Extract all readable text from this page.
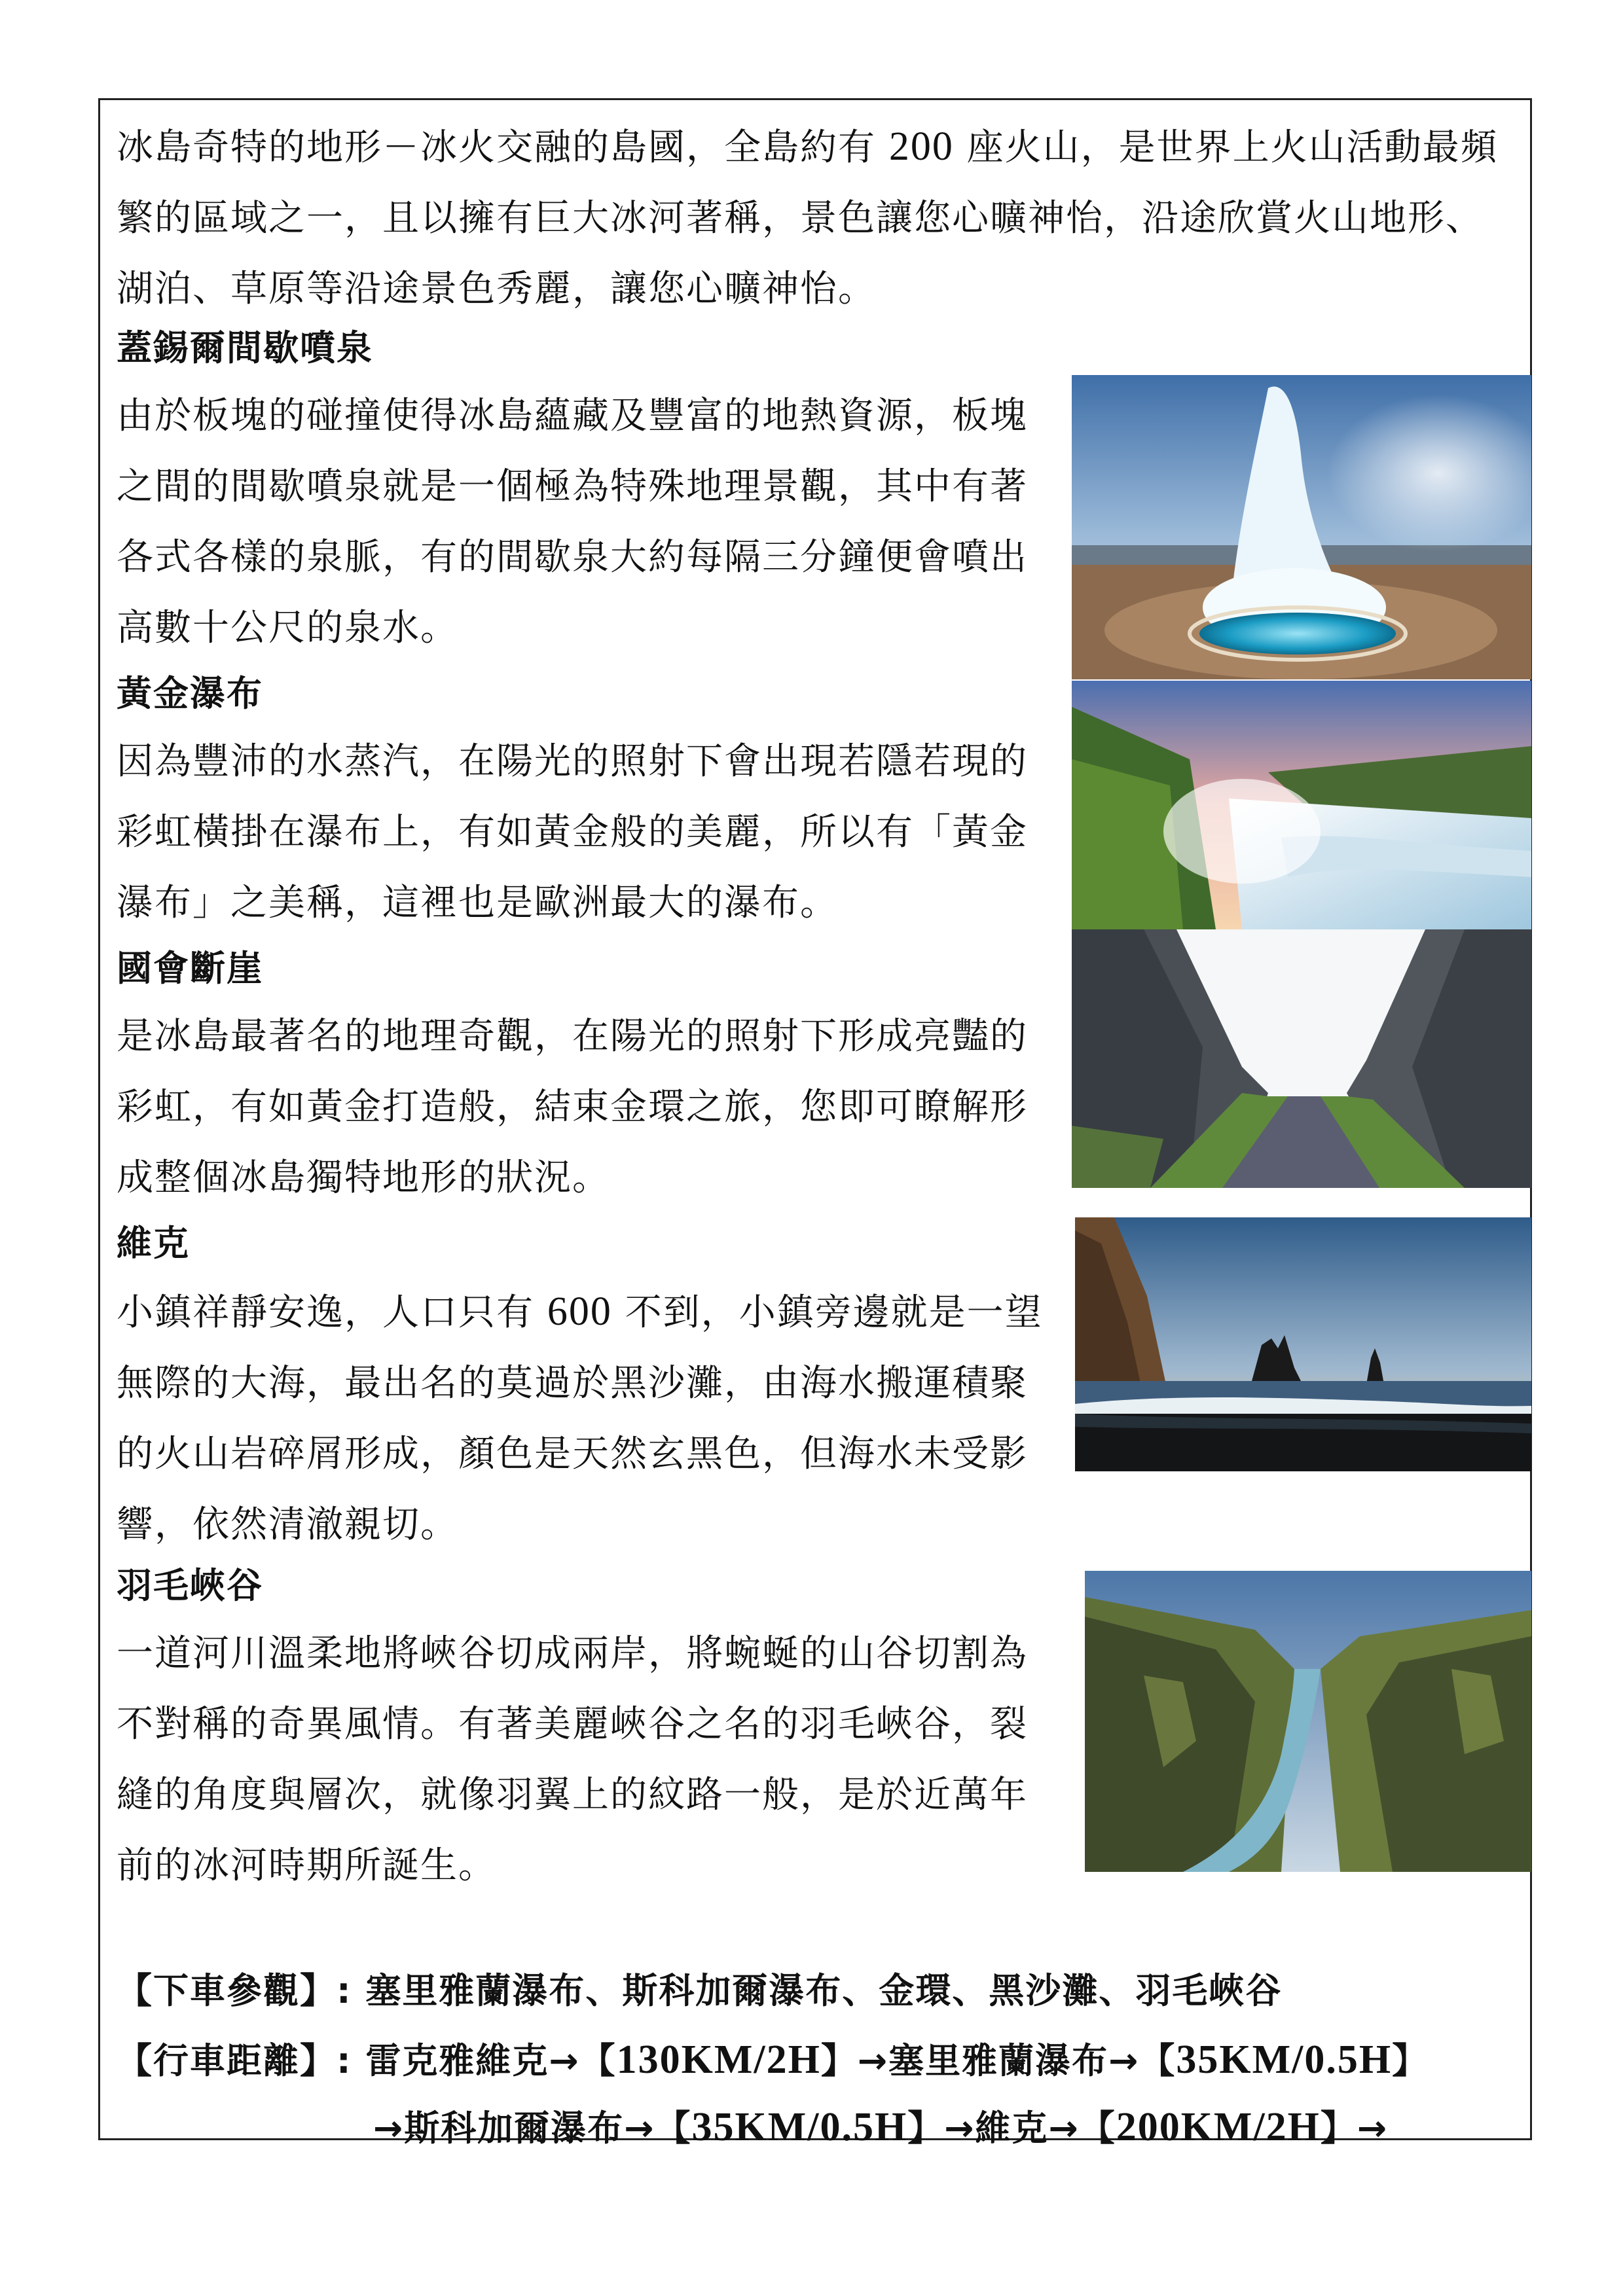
冰島奇特的地形－冰火交融的島國，全島約有 200 座火山，是世界上火山活動最頻

繁的區域之一，且以擁有巨大冰河著稱，景色讓您心曠神怡，沿途欣賞火山地形、

湖泊、草原等沿途景色秀麗，讓您心曠神怡。

蓋錫爾間歇噴泉

由於板塊的碰撞使得冰島蘊藏及豐富的地熱資源，板塊

之間的間歇噴泉就是一個極為特殊地理景觀，其中有著

各式各樣的泉脈，有的間歇泉大約每隔三分鐘便會噴出

高數十公尺的泉水。

黃金瀑布

因為豐沛的水蒸汽，在陽光的照射下會出現若隱若現的

彩虹橫掛在瀑布上，有如黃金般的美麗，所以有「黃金

瀑布」之美稱，這裡也是歐洲最大的瀑布。

國會斷崖

是冰島最著名的地理奇觀，在陽光的照射下形成亮豔的

彩虹，有如黃金打造般，結束金環之旅，您即可瞭解形

成整個冰島獨特地形的狀況。

維克

小鎮祥靜安逸，人口只有 600 不到，小鎮旁邊就是一望

無際的大海，最出名的莫過於黑沙灘，由海水搬運積聚

的火山岩碎屑形成，顏色是天然玄黑色，但海水未受影

響，依然清澈親切。

羽毛峽谷

一道河川溫柔地將峽谷切成兩岸，將蜿蜒的山谷切割為

不對稱的奇異風情。有著美麗峽谷之名的羽毛峽谷，裂

縫的角度與層次，就像羽翼上的紋路一般，是於近萬年

前的冰河時期所誕生。

【下車參觀】: 塞里雅蘭瀑布、斯科加爾瀑布、金環、黑沙灘、羽毛峽谷
【行車距離】: 雷克雅維克→【130KM/2H】→塞里雅蘭瀑布→【35KM/0.5H】
→斯科加爾瀑布→【35KM/0.5H】→維克→【200KM/2H】→
